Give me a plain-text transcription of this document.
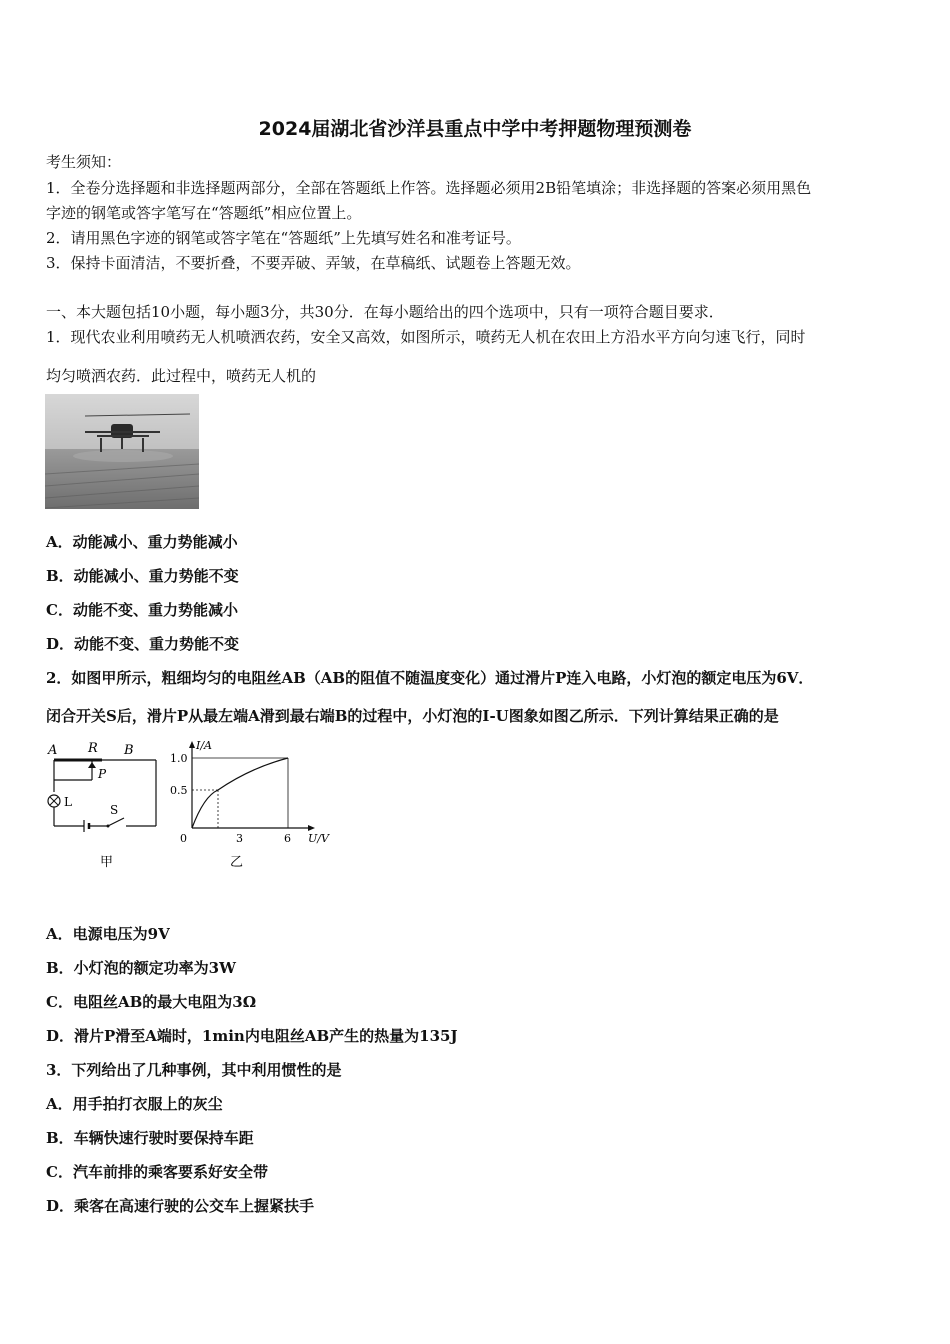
2024届湖北省沙洋县重点中学中考押题物理预测卷
考生须知：
1．全卷分选择题和非选择题两部分，全部在答题纸上作答。选择题必须用2B铅笔填涂；非选择题的答案必须用黑色
字迹的钢笔或答字笔写在“答题纸”相应位置上。
2．请用黑色字迹的钢笔或答字笔在“答题纸”上先填写姓名和准考证号。
3．保持卡面清洁，不要折叠，不要弄破、弄皱，在草稿纸、试题卷上答题无效。
一、本大题包括10小题，每小题3分，共30分．在每小题给出的四个选项中，只有一项符合题目要求．
1．现代农业利用喷药无人机喷洒农药，安全又高效，如图所示，喷药无人机在农田上方沿水平方向匀速飞行，同时
均匀喷洒农药．此过程中，喷药无人机的
A．动能减小、重力势能减小
B．动能减小、重力势能不变
C．动能不变、重力势能减小
D．动能不变、重力势能不变
2．如图甲所示，粗细均匀的电阻丝AB（AB的阻值不随温度变化）通过滑片P连入电路，小灯泡的额定电压为6V．
闭合开关S后，滑片P从最左端A滑到最右端B的过程中，小灯泡的I-U图象如图乙所示．下列计算结果正确的是
A R B
P
L
S
甲
I/A
1.0
0.5
0	3	6 U/V
乙
A．电源电压为9V
B．小灯泡的额定功率为3W
C．电阻丝AB的最大电阻为3Ω
D．滑片P滑至A端时，1min内电阻丝AB产生的热量为135J
3．下列给出了几种事例，其中利用惯性的是
A．用手拍打衣服上的灰尘
B．车辆快速行驶时要保持车距
C．汽车前排的乘客要系好安全带
D．乘客在高速行驶的公交车上握紧扶手
